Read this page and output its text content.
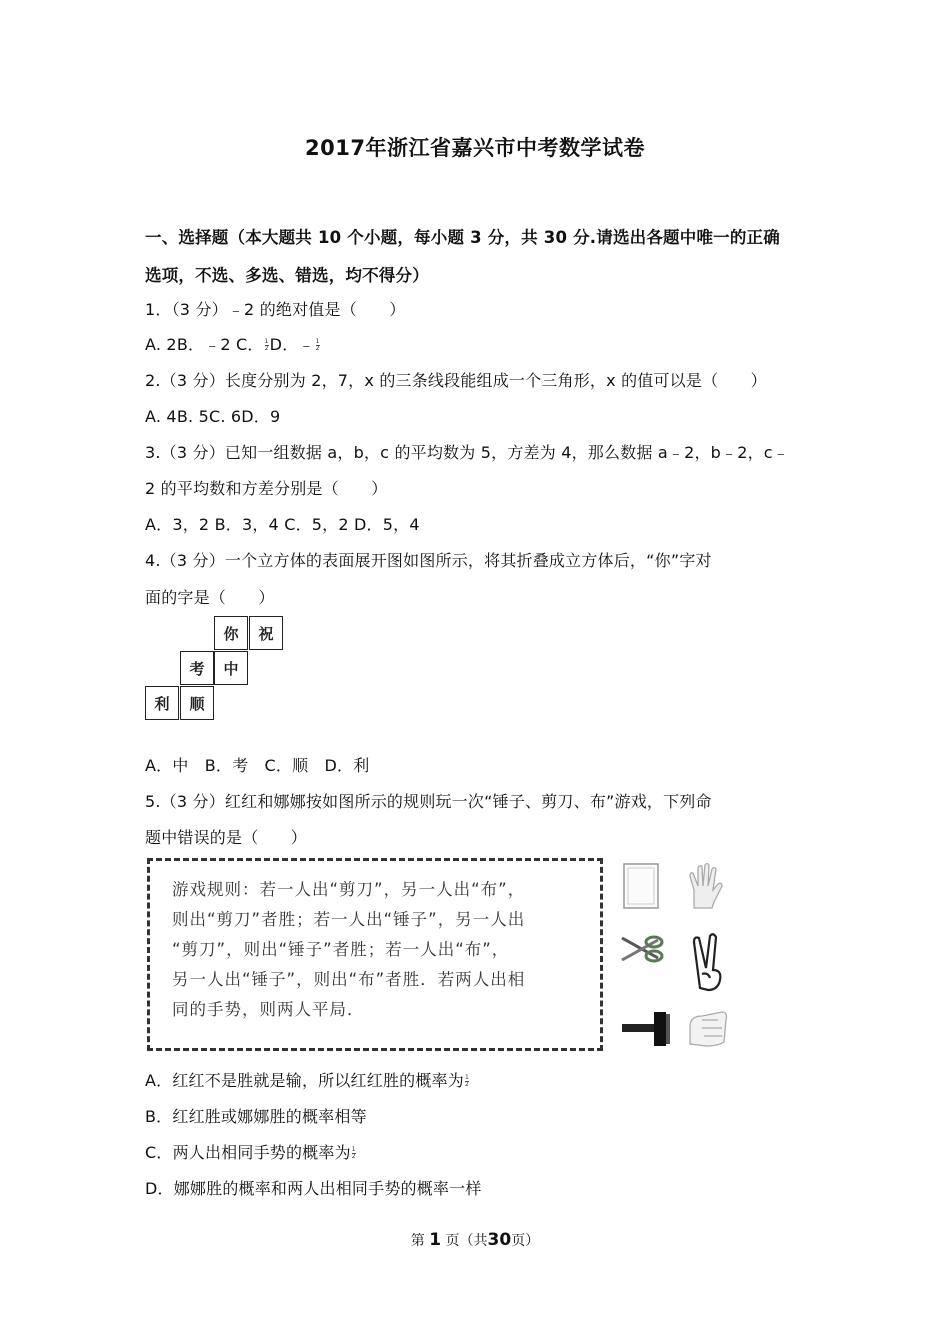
2017年浙江省嘉兴市中考数学试卷
一、选择题（本大题共 10 个小题，每小题 3 分，共 30 分.请选出各题中唯一的正确
选项，不选、多选、错选，均不得分）
1．（3 分）﹣2 的绝对值是（　　）
A. 2B．﹣2 C． $\frac{1}{2}$ D．﹣ $\frac{1}{2}$
2.（3 分）长度分别为 2，7，x 的三条线段能组成一个三角形，x 的值可以是（　　）
A. 4B. 5C. 6D．9
3.（3 分）已知一组数据 a，b，c 的平均数为 5，方差为 4，那么数据 a﹣2，b﹣2，c﹣
2 的平均数和方差分别是（　　）
A．3，2 B．3，4 C．5，2 D．5，4
4.（3 分）一个立方体的表面展开图如图所示，将其折叠成立方体后，“你”字对
面的字是（　　）
你	祝
考	中
利	顺
A．中　B．考　C．顺　D．利
5.（3 分）红红和娜娜按如图所示的规则玩一次“锤子、剪刀、布”游戏，下列命
题中错误的是（　　）
游戏规则：若一人出“剪刀”，另一人出“布”，
则出“剪刀”者胜；若一人出“锤子”，另一人出
“剪刀”，则出“锤子”者胜；若一人出“布”，
另一人出“锤子”，则出“布”者胜．若两人出相
同的手势，则两人平局．
A．红红不是胜就是输，所以红红胜的概率为 $\frac{1}{2}$
B．红红胜或娜娜胜的概率相等
C．两人出相同手势的概率为 $\frac{1}{2}$
D．娜娜胜的概率和两人出相同手势的概率一样
第 1 页（共30页）
